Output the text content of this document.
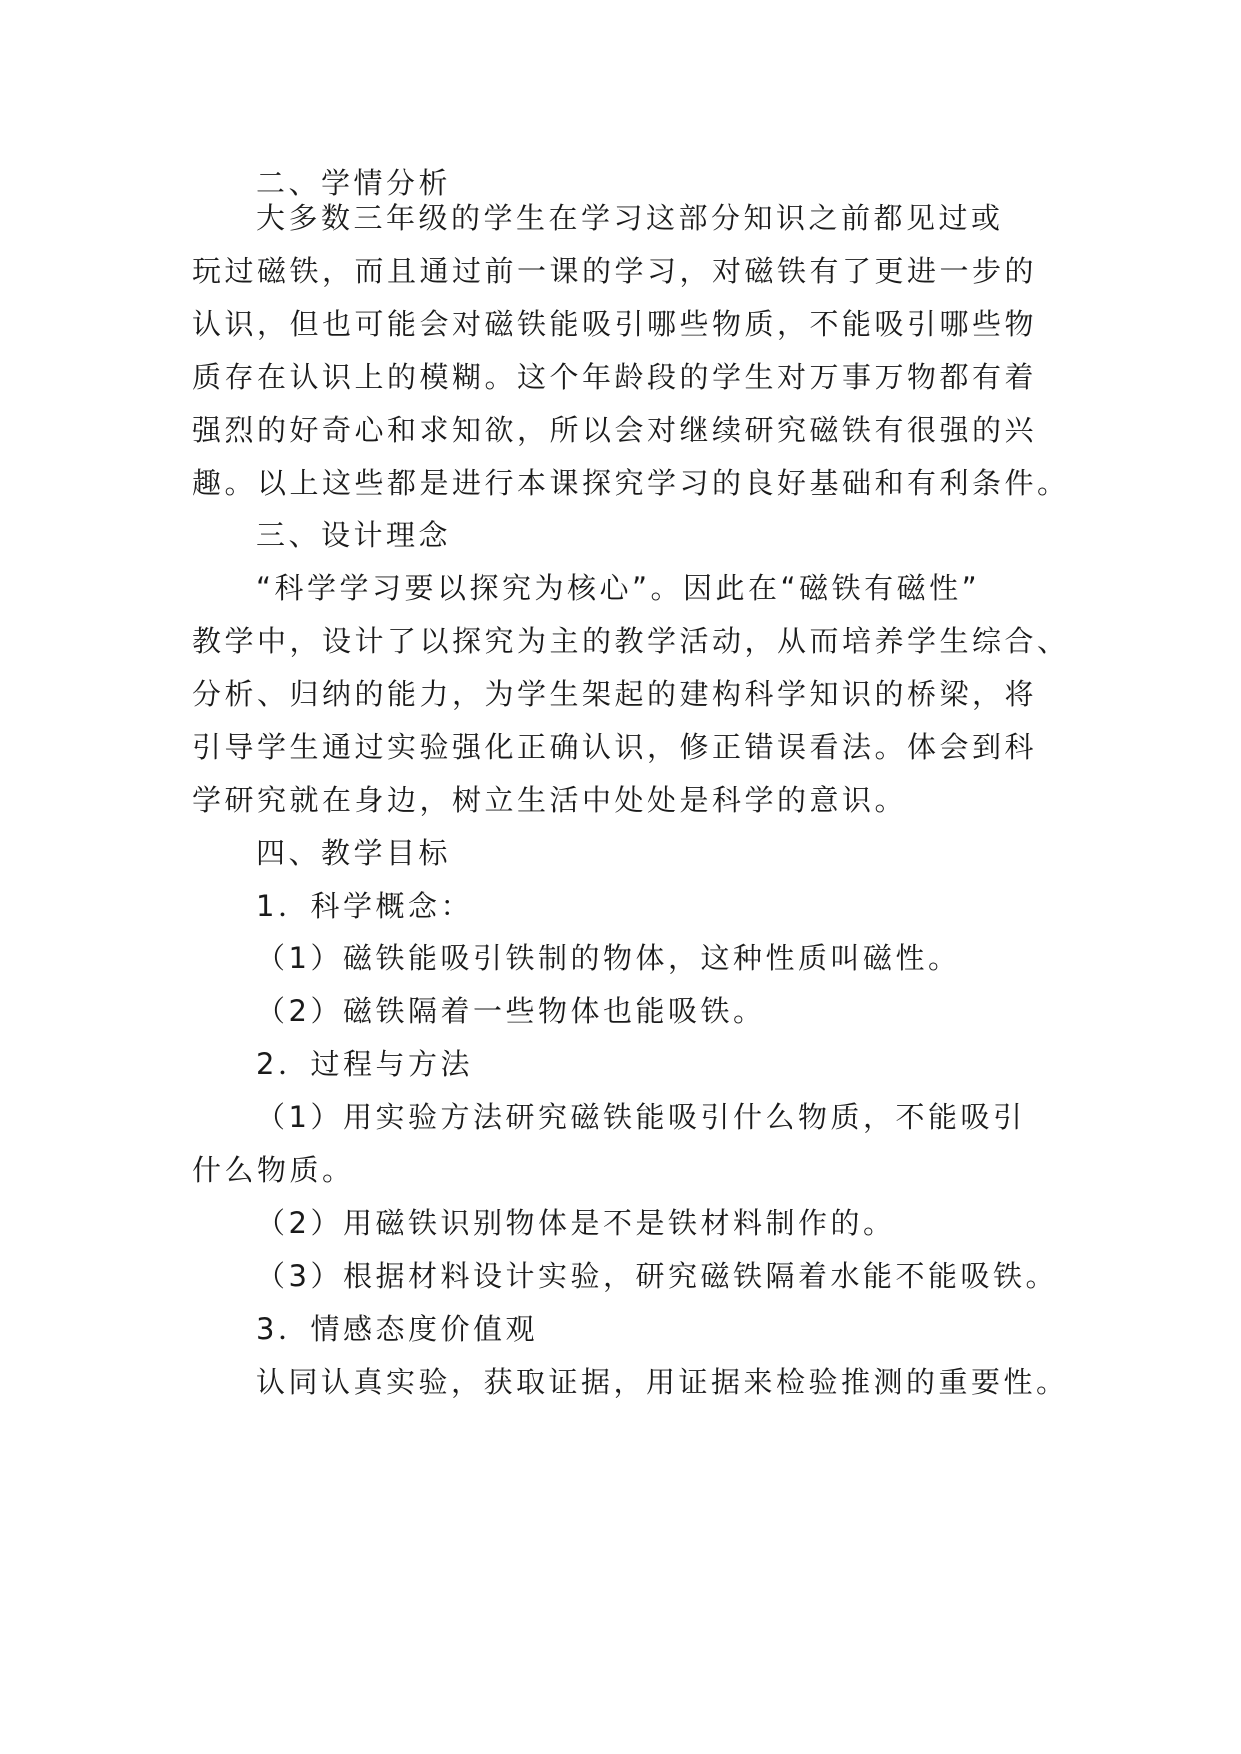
二、学情分析
大多数三年级的学生在学习这部分知识之前都见过或
玩过磁铁，而且通过前一课的学习，对磁铁有了更进一步的
认识，但也可能会对磁铁能吸引哪些物质，不能吸引哪些物
质存在认识上的模糊。这个年龄段的学生对万事万物都有着
强烈的好奇心和求知欲，所以会对继续研究磁铁有很强的兴
趣。以上这些都是进行本课探究学习的良好基础和有利条件。
三、设计理念
“科学学习要以探究为核心”。因此在“磁铁有磁性”
教学中，设计了以探究为主的教学活动，从而培养学生综合、
分析、归纳的能力，为学生架起的建构科学知识的桥梁，将
引导学生通过实验强化正确认识，修正错误看法。体会到科
学研究就在身边，树立生活中处处是科学的意识。
四、教学目标
1．科学概念：
（1）磁铁能吸引铁制的物体，这种性质叫磁性。
（2）磁铁隔着一些物体也能吸铁。
2．过程与方法
（1）用实验方法研究磁铁能吸引什么物质，不能吸引
什么物质。
（2）用磁铁识别物体是不是铁材料制作的。
（3）根据材料设计实验，研究磁铁隔着水能不能吸铁。
3．情感态度价值观
认同认真实验，获取证据，用证据来检验推测的重要性。
